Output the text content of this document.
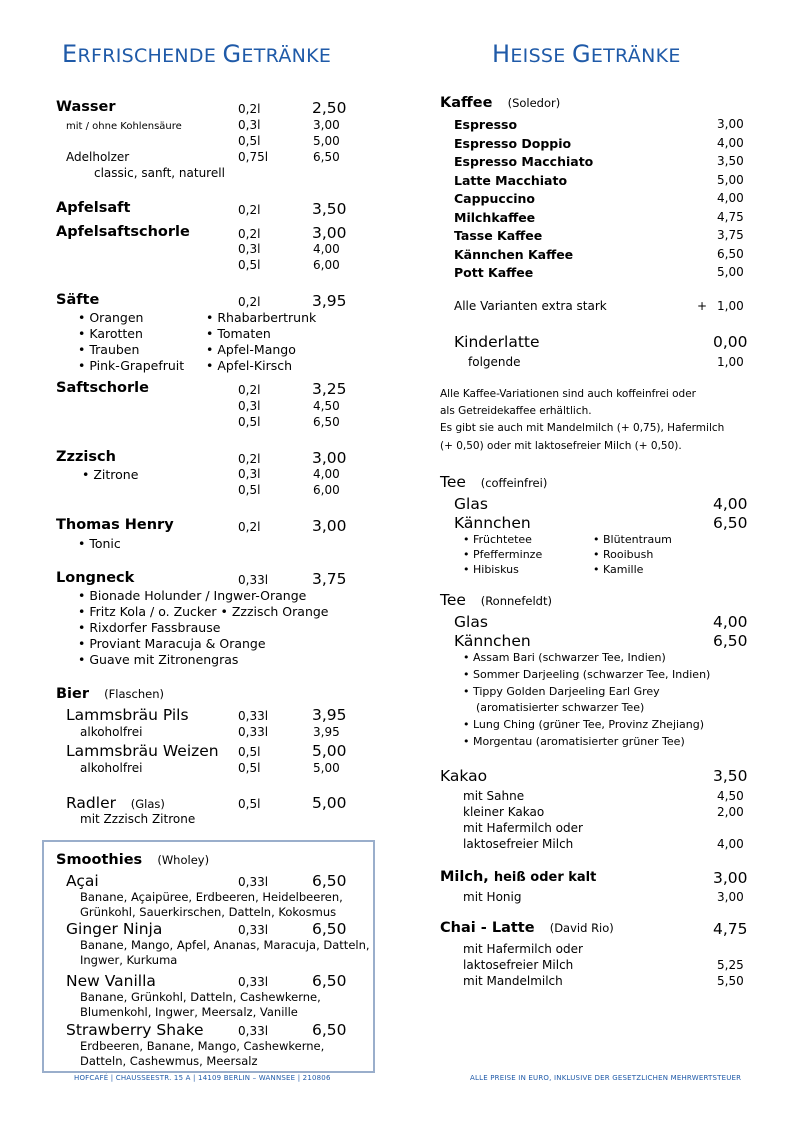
ERFRISCHENDE GETRÄNKE	HEISSE GETRÄNKE
Wasser	0,2l	2,50
mit / ohne Kohlensäure	0,3l	3,00
0,5l	5,00
Adelholzer	0,75l	6,50
classic, sanft, naturell
Apfelsaft	0,2l	3,50
Apfelsaftschorle	0,2l	3,00
0,3l	4,00
0,5l	6,00
Säfte	0,2l	3,95
• Orangen
• Karotten
• Trauben
• Pink-Grapefruit
• Rhabarbertrunk
• Tomaten
• Apfel-Mango
• Apfel-Kirsch
Saftschorle	0,2l	3,25
0,3l	4,50
0,5l	6,50
Zzzisch	0,2l	3,00
• Zitrone	0,3l	4,00
0,5l	6,00
Thomas Henry	0,2l	3,00
• Tonic
Longneck	0,33l	3,75
• Bionade Holunder / Ingwer-Orange
• Fritz Kola / o. Zucker • Zzzisch Orange
• Rixdorfer Fassbrause
• Proviant Maracuja & Orange
• Guave mit Zitronengras
Bier (Flaschen)
Lammsbräu Pils	0,33l	3,95
alkoholfrei	0,33l	3,95
Lammsbräu Weizen 0,5l	5,00
alkoholfrei	0,5l	5,00
Radler (Glas)	0,5l	5,00
mit Zzzisch Zitrone
Smoothies (Wholey)
Açai	0,33l	6,50
Banane, Açaipüree, Erdbeeren, Heidelbeeren,
Grünkohl, Sauerkirschen, Datteln, Kokosmus
Ginger Ninja	0,33l	6,50
Banane, Mango, Apfel, Ananas, Maracuja, Datteln,
Ingwer, Kurkuma
New Vanilla	0,33l	6,50
Banane, Grünkohl, Datteln, Cashewkerne,
Blumenkohl, Ingwer, Meersalz, Vanille
Strawberry Shake	0,33l	6,50
Erdbeeren, Banane, Mango, Cashewkerne,
Datteln, Cashewmus, Meersalz
Kaffee (Soledor)
Espresso	3,00
Espresso Doppio	4,00
Espresso Macchiato	3,50
Latte Macchiato	5,00
Cappuccino	4,00
Milchkaffee	4,75
Tasse Kaffee	3,75
Kännchen Kaffee	6,50
Pott Kaffee	5,00
Alle Varianten extra stark	+ 1,00
Kinderlatte	0,00
folgende	1,00
Alle Kaffee-Variationen sind auch koffeinfrei oder
als Getreidekaffee erhältlich.
Es gibt sie auch mit Mandelmilch (+ 0,75), Hafermilch
(+ 0,50) oder mit laktosefreier Milch (+ 0,50).
Tee (coffeinfrei)
Glas	4,00
Kännchen	6,50
• Früchtetee
• Pfefferminze
• Hibiskus
• Blütentraum
• Rooibush
• Kamille
Tee (Ronnefeldt)
Glas	4,00
Kännchen	6,50
• Assam Bari (schwarzer Tee, Indien)
• Sommer Darjeeling (schwarzer Tee, Indien)
• Tippy Golden Darjeeling Earl Grey
(aromatisierter schwarzer Tee)
• Lung Ching (grüner Tee, Provinz Zhejiang)
• Morgentau (aromatisierter grüner Tee)
Kakao	3,50
mit Sahne	4,50
kleiner Kakao	2,00
mit Hafermilch oder
laktosefreier Milch	4,00
Milch, heiß oder kalt	3,00
mit Honig	3,00
Chai - Latte (David Rio)	4,75
mit Hafermilch oder
laktosefreier Milch	5,25
mit Mandelmilch	5,50
HOFCAFÉ | CHAUSSEESTR. 15 A | 14109 BERLIN – WANNSEE | 210806	ALLE PREISE IN EURO, INKLUSIVE DER GESETZLICHEN MEHRWERTSTEUER
